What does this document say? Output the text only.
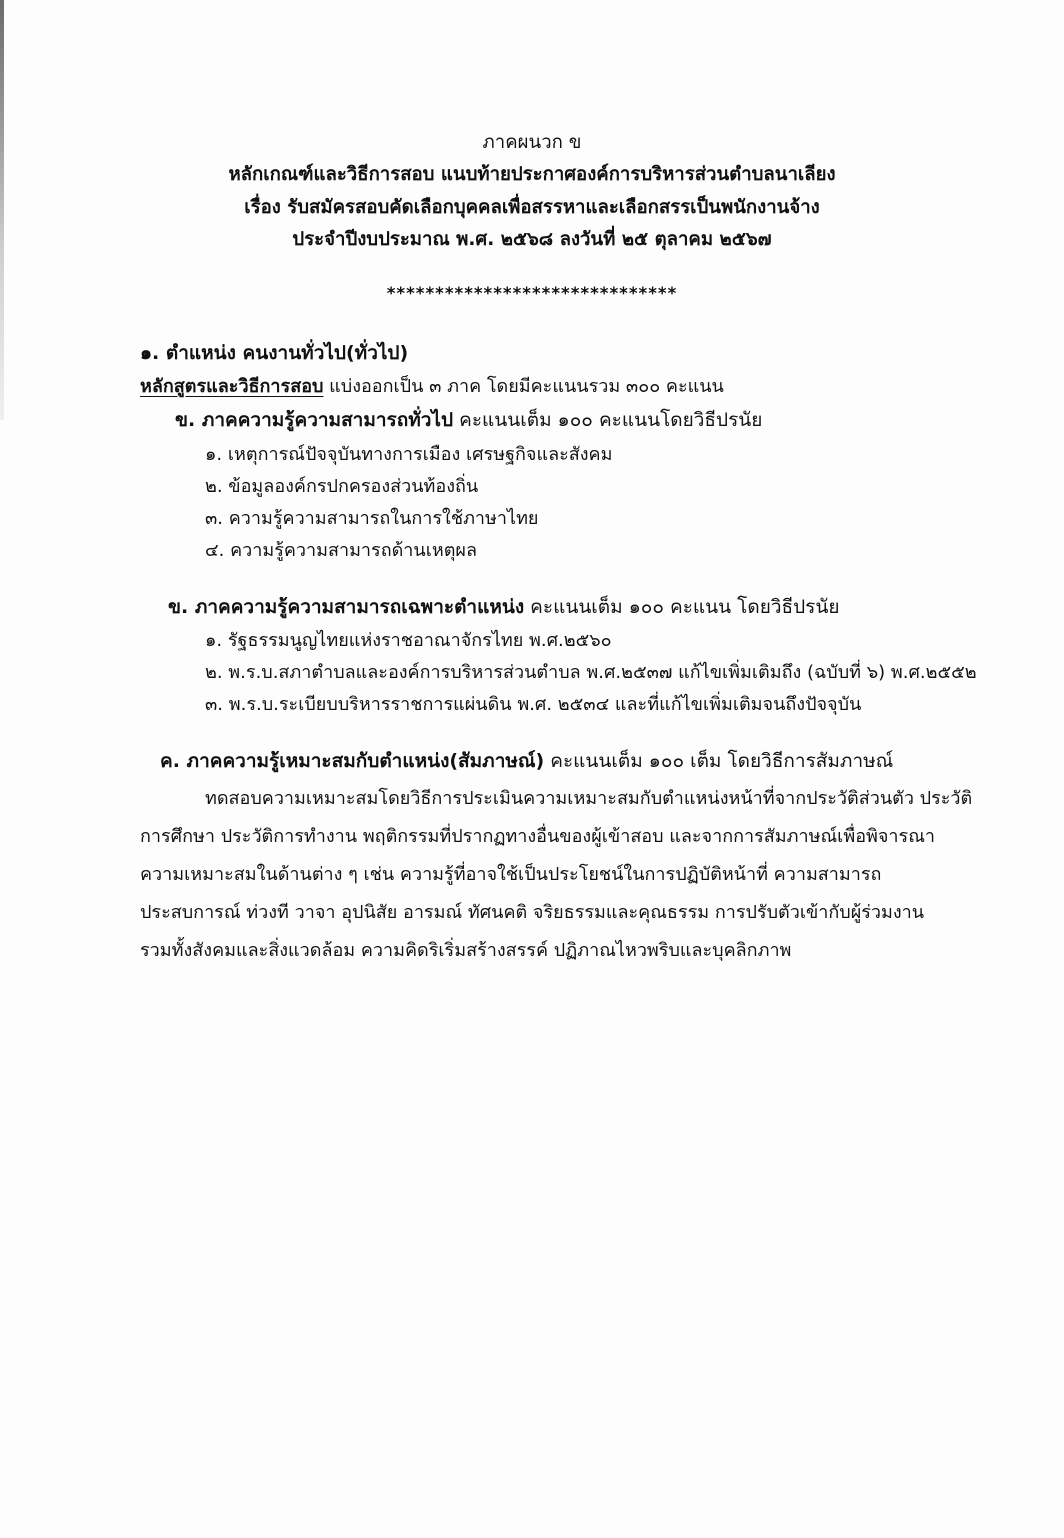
ภาคผนวก ข
หลักเกณฑ์และวิธีการสอบ แนบท้ายประกาศองค์การบริหารส่วนตำบลนาเลียง
เรื่อง รับสมัครสอบคัดเลือกบุคคลเพื่อสรรหาและเลือกสรรเป็นพนักงานจ้าง
ประจำปีงบประมาณ พ.ศ. ๒๕๖๘ ลงวันที่ ๒๕ ตุลาคม ๒๕๖๗
******************************
๑. ตำแหน่ง คนงานทั่วไป(ทั่วไป)
หลักสูตรและวิธีการสอบ แบ่งออกเป็น ๓ ภาค โดยมีคะแนนรวม ๓๐๐ คะแนน
ข. ภาคความรู้ความสามารถทั่วไป คะแนนเต็ม ๑๐๐ คะแนนโดยวิธีปรนัย
๑. เหตุการณ์ปัจจุบันทางการเมือง เศรษฐกิจและสังคม
๒. ข้อมูลองค์กรปกครองส่วนท้องถิ่น
๓. ความรู้ความสามารถในการใช้ภาษาไทย
๔. ความรู้ความสามารถด้านเหตุผล
ข. ภาคความรู้ความสามารถเฉพาะตำแหน่ง คะแนนเต็ม ๑๐๐ คะแนน โดยวิธีปรนัย
๑. รัฐธรรมนูญไทยแห่งราชอาณาจักรไทย พ.ศ.๒๕๖๐
๒. พ.ร.บ.สภาตำบลและองค์การบริหารส่วนตำบล พ.ศ.๒๕๓๗ แก้ไขเพิ่มเติมถึง (ฉบับที่ ๖) พ.ศ.๒๕๕๒
๓. พ.ร.บ.ระเบียบบริหารราชการแผ่นดิน พ.ศ. ๒๕๓๔ และที่แก้ไขเพิ่มเติมจนถึงปัจจุบัน
ค. ภาคความรู้เหมาะสมกับตำแหน่ง(สัมภาษณ์) คะแนนเต็ม ๑๐๐ เต็ม โดยวิธีการสัมภาษณ์
ทดสอบความเหมาะสมโดยวิธีการประเมินความเหมาะสมกับตำแหน่งหน้าที่จากประวัติส่วนตัว ประวัติ
การศึกษา ประวัติการทำงาน พฤติกรรมที่ปรากฏทางอื่นของผู้เข้าสอบ และจากการสัมภาษณ์เพื่อพิจารณา
ความเหมาะสมในด้านต่าง ๆ เช่น ความรู้ที่อาจใช้เป็นประโยชน์ในการปฏิบัติหน้าที่ ความสามารถ
ประสบการณ์ ท่วงที วาจา อุปนิสัย อารมณ์ ทัศนคติ จริยธรรมและคุณธรรม การปรับตัวเข้ากับผู้ร่วมงาน
รวมทั้งสังคมและสิ่งแวดล้อม ความคิดริเริ่มสร้างสรรค์ ปฏิภาณไหวพริบและบุคลิกภาพ
